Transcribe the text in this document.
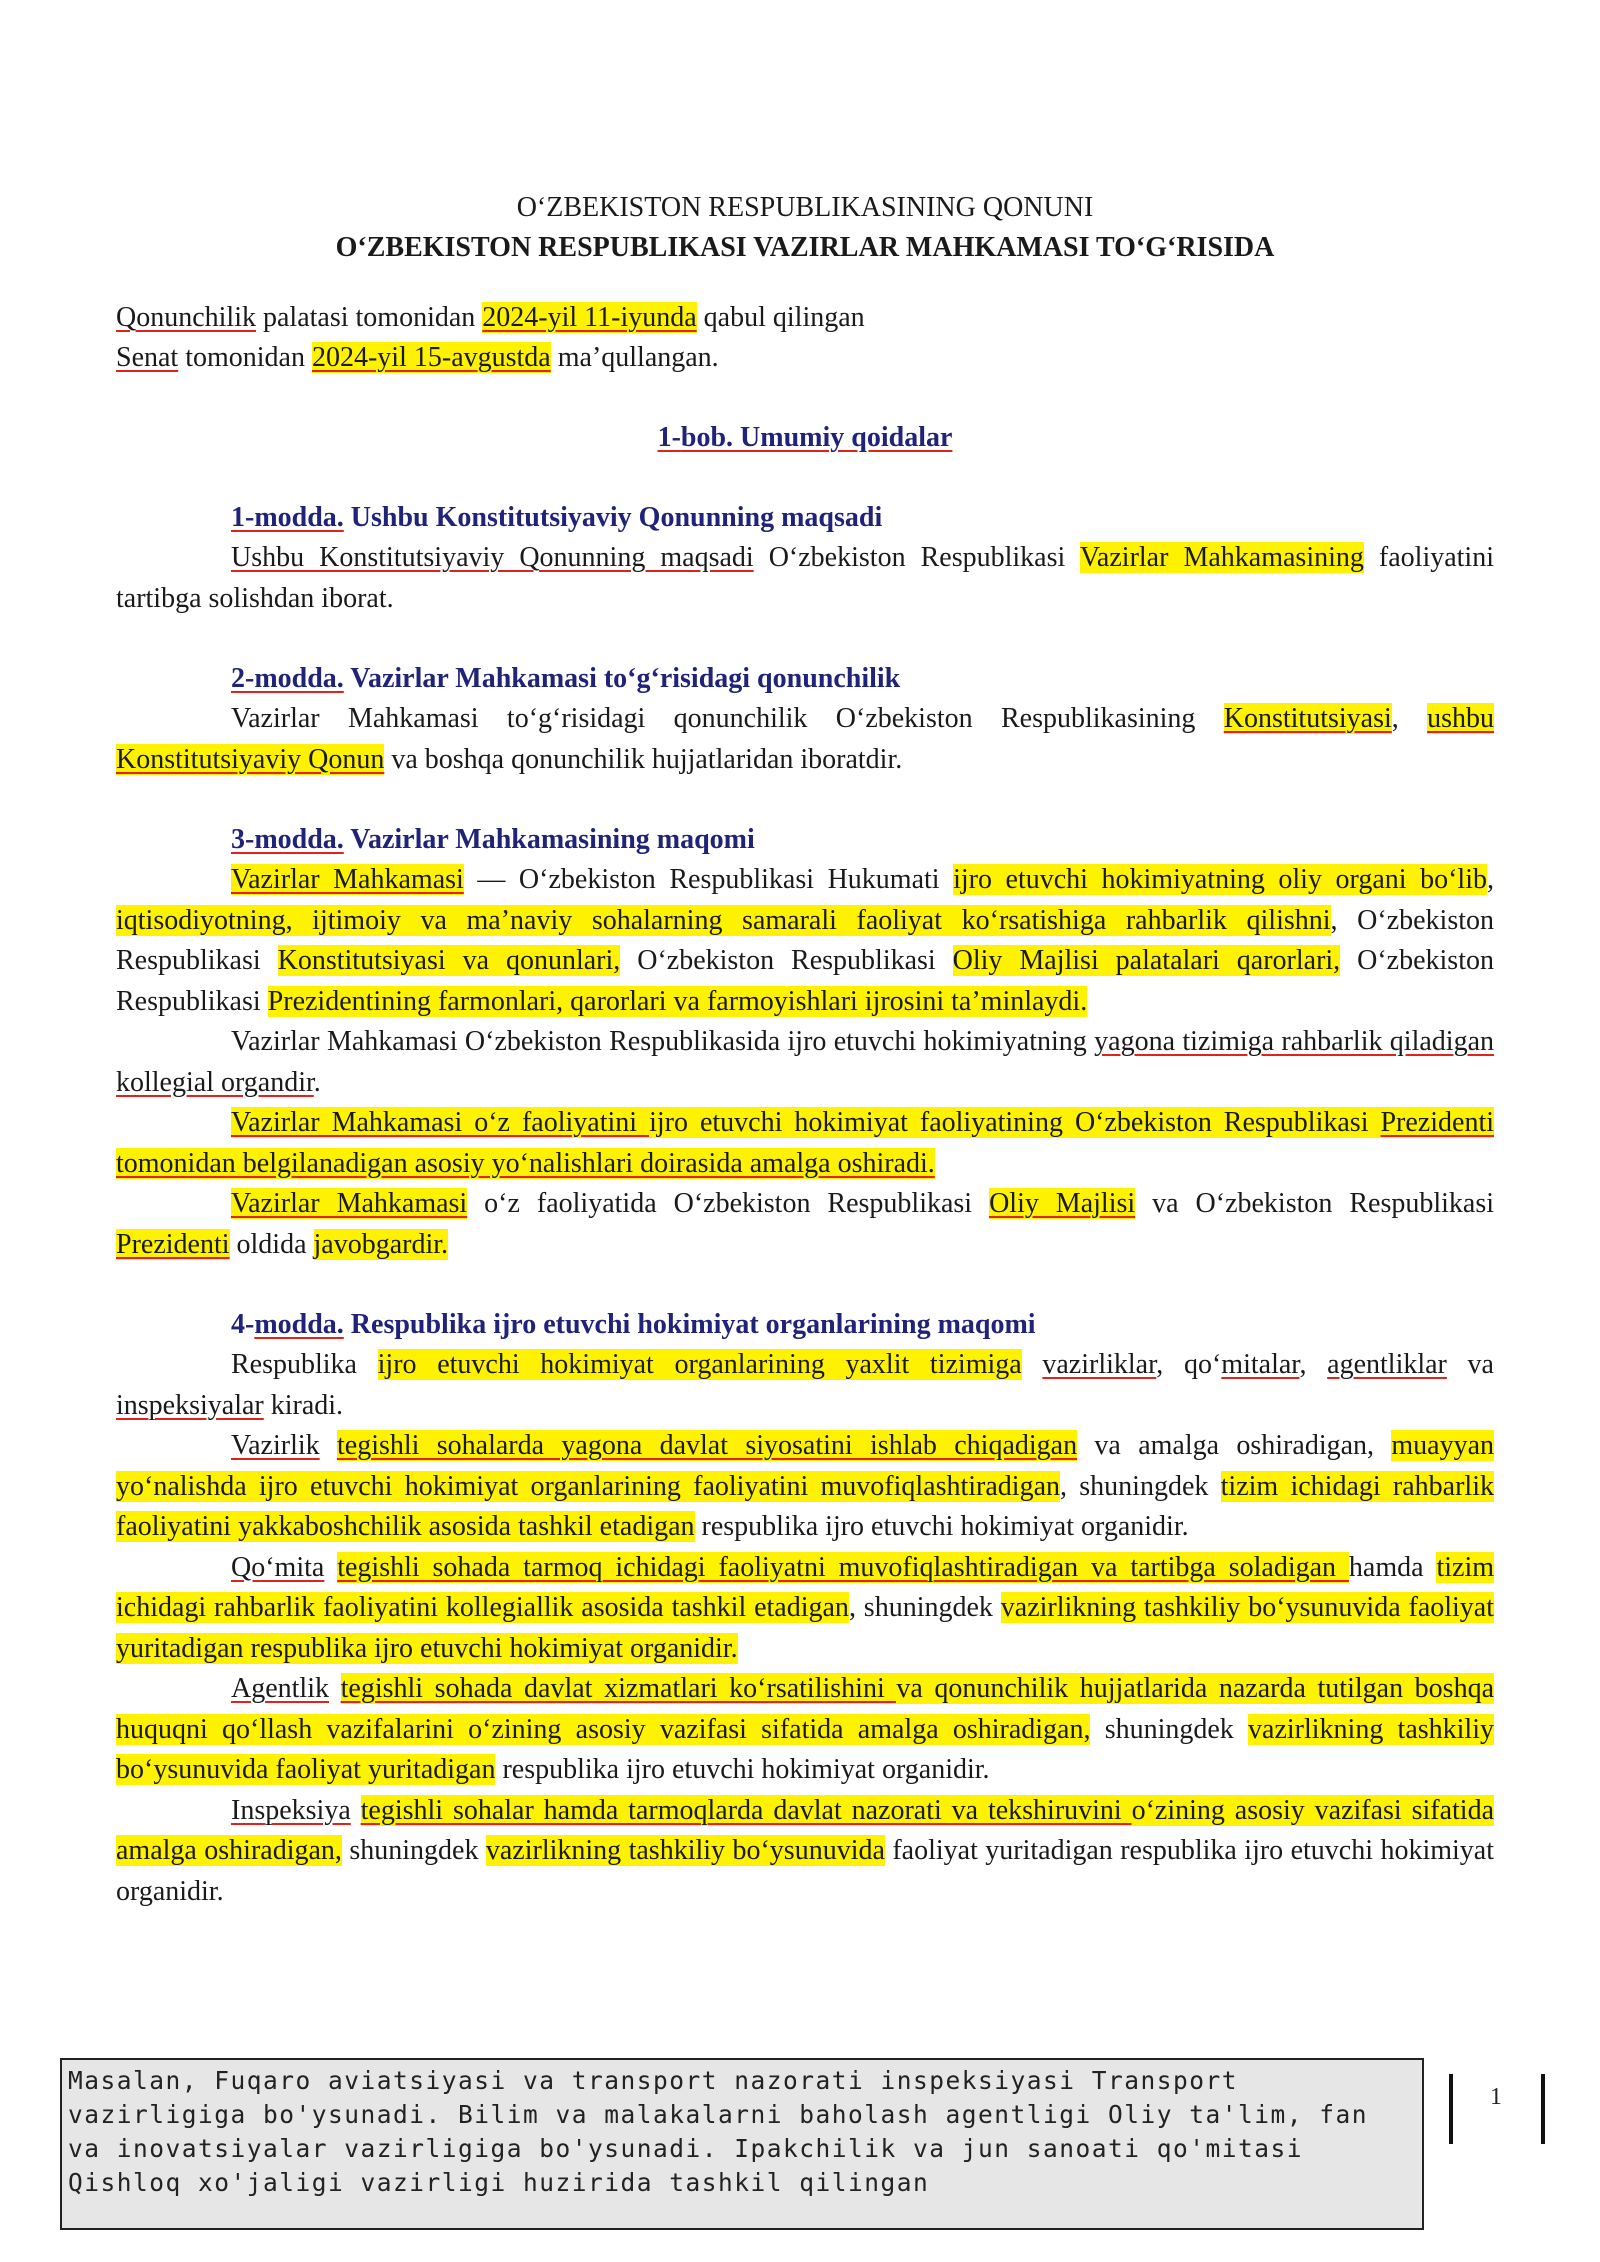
O‘ZBEKISTON RESPUBLIKASINING QONUNI
O‘ZBEKISTON RESPUBLIKASI VAZIRLAR MAHKAMASI TO‘G‘RISIDA
Qonunchilik palatasi tomonidan 2024-yil 11-iyunda qabul qilingan
Senat tomonidan 2024-yil 15-avgustda ma’qullangan.
1-bob. Umumiy qoidalar
1-modda. Ushbu Konstitutsiyaviy Qonunning maqsadi

Ushbu Konstitutsiyaviy Qonunning maqsadi O‘zbekiston Respublikasi Vazirlar Mahkamasining faoliyatini tartibga solishdan iborat.

2-modda. Vazirlar Mahkamasi to‘g‘risidagi qonunchilik

Vazirlar Mahkamasi to‘g‘risidagi qonunchilik O‘zbekiston Respublikasining Konstitutsiyasi, ushbu Konstitutsiyaviy Qonun va boshqa qonunchilik hujjatlaridan iboratdir.

3-modda. Vazirlar Mahkamasining maqomi

Vazirlar Mahkamasi — O‘zbekiston Respublikasi Hukumati ijro etuvchi hokimiyatning oliy organi bo‘lib, iqtisodiyotning, ijtimoiy va ma’naviy sohalarning samarali faoliyat ko‘rsatishiga rahbarlik qilishni, O‘zbekiston Respublikasi Konstitutsiyasi va qonunlari, O‘zbekiston Respublikasi Oliy Majlisi palatalari qarorlari, O‘zbekiston Respublikasi Prezidentining farmonlari, qarorlari va farmoyishlari ijrosini ta’minlaydi.

Vazirlar Mahkamasi O‘zbekiston Respublikasida ijro etuvchi hokimiyatning yagona tizimiga rahbarlik qiladigan kollegial organdir.

Vazirlar Mahkamasi o‘z faoliyatini ijro etuvchi hokimiyat faoliyatining O‘zbekiston Respublikasi Prezidenti tomonidan belgilanadigan asosiy yo‘nalishlari doirasida amalga oshiradi.

Vazirlar Mahkamasi o‘z faoliyatida O‘zbekiston Respublikasi Oliy Majlisi va O‘zbekiston Respublikasi Prezidenti oldida javobgardir.

4-modda. Respublika ijro etuvchi hokimiyat organlarining maqomi

Respublika ijro etuvchi hokimiyat organlarining yaxlit tizimiga vazirliklar, qo‘mitalar, agentliklar va inspeksiyalar kiradi.

Vazirlik tegishli sohalarda yagona davlat siyosatini ishlab chiqadigan va amalga oshiradigan, muayyan yo‘nalishda ijro etuvchi hokimiyat organlarining faoliyatini muvofiqlashtiradigan, shuningdek tizim ichidagi rahbarlik faoliyatini yakkaboshchilik asosida tashkil etadigan respublika ijro etuvchi hokimiyat organidir.

Qo‘mita tegishli sohada tarmoq ichidagi faoliyatni muvofiqlashtiradigan va tartibga soladigan hamda tizim ichidagi rahbarlik faoliyatini kollegiallik asosida tashkil etadigan, shuningdek vazirlikning tashkiliy bo‘ysunuvida faoliyat yuritadigan respublika ijro etuvchi hokimiyat organidir.

Agentlik tegishli sohada davlat xizmatlari ko‘rsatilishini va qonunchilik hujjatlarida nazarda tutilgan boshqa huquqni qo‘llash vazifalarini o‘zining asosiy vazifasi sifatida amalga oshiradigan, shuningdek vazirlikning tashkiliy bo‘ysunuvida faoliyat yuritadigan respublika ijro etuvchi hokimiyat organidir.

Inspeksiya tegishli sohalar hamda tarmoqlarda davlat nazorati va tekshiruvini o‘zining asosiy vazifasi sifatida amalga oshiradigan, shuningdek vazirlikning tashkiliy bo‘ysunuvida faoliyat yuritadigan respublika ijro etuvchi hokimiyat organidir.

Masalan, Fuqaro aviatsiyasi va transport nazorati inspeksiyasi Transport vazirligiga bo'ysunadi. Bilim va malakalarni baholash agentligi Oliy ta'lim, fan va inovatsiyalar vazirligiga bo'ysunadi. Ipakchilik va jun sanoati qo'mitasi Qishloq xo'jaligi vazirligi huzirida tashkil qilingan
1
